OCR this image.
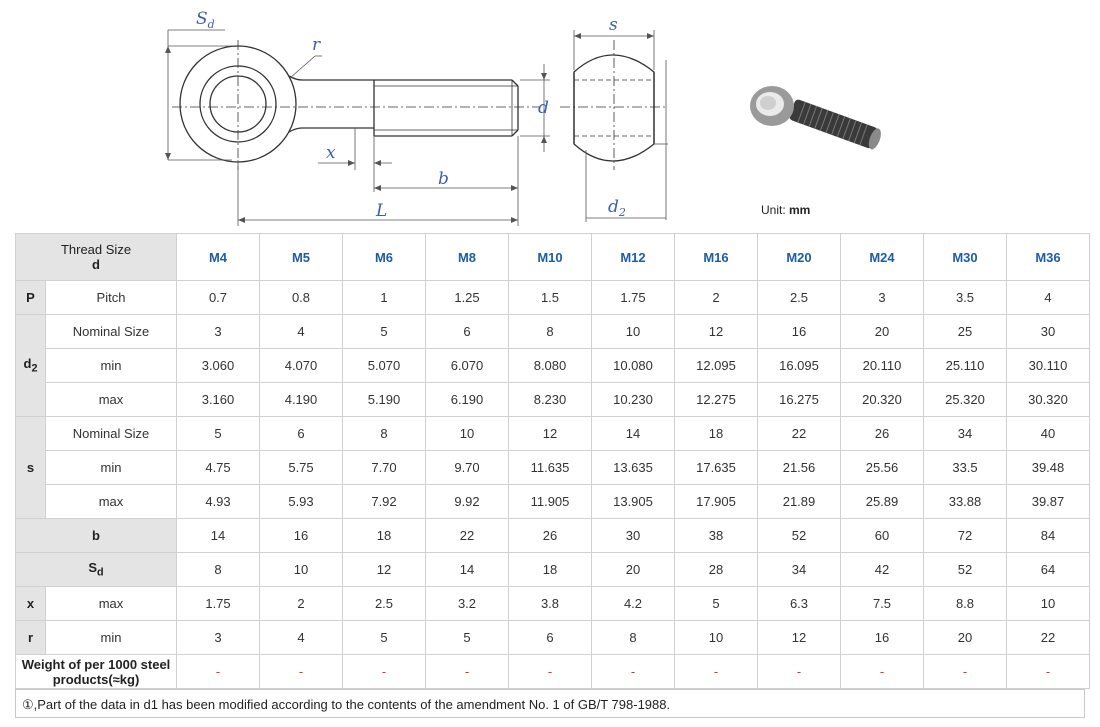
$S_d$
r
d
x
b
L
s
$d_2$	Unit: mm
Thread Size
d		M4	M5	M6	M8	M10	M12	M16	M20	M24	M30	M36
P	Pitch	0.7	0.8	1	1.25	1.5	1.75	2	2.5	3	3.5	4
$d_2$	Nominal Size	3	4	5	6	8	10	12	16	20	25	30
	min	3.060	4.070	5.070	6.070	8.080	10.080	12.095	16.095	20.110	25.110	30.110
	max	3.160	4.190	5.190	6.190	8.230	10.230	12.275	16.275	20.320	25.320	30.320
s	Nominal Size	5	6	8	10	12	14	18	22	26	34	40
	min	4.75	5.75	7.70	9.70	11.635	13.635	17.635	21.56	25.56	33.5	39.48
	max	4.93	5.93	7.92	9.92	11.905	13.905	17.905	21.89	25.89	33.88	39.87
b		14	16	18	22	26	30	38	52	60	72	84
$S_d$		8	10	12	14	18	20	28	34	42	52	64
x	max	1.75	2	2.5	3.2	3.8	4.2	5	6.3	7.5	8.8	10
r	min	3	4	5	5	6	8	10	12	16	20	22
Weight of per 1000 steel
products(≈kg)		-	-	-	-	-	-	-	-	-	-	-
①,Part of the data in d1 has been modified according to the contents of the amendment No. 1 of GB/T 798-1988.
